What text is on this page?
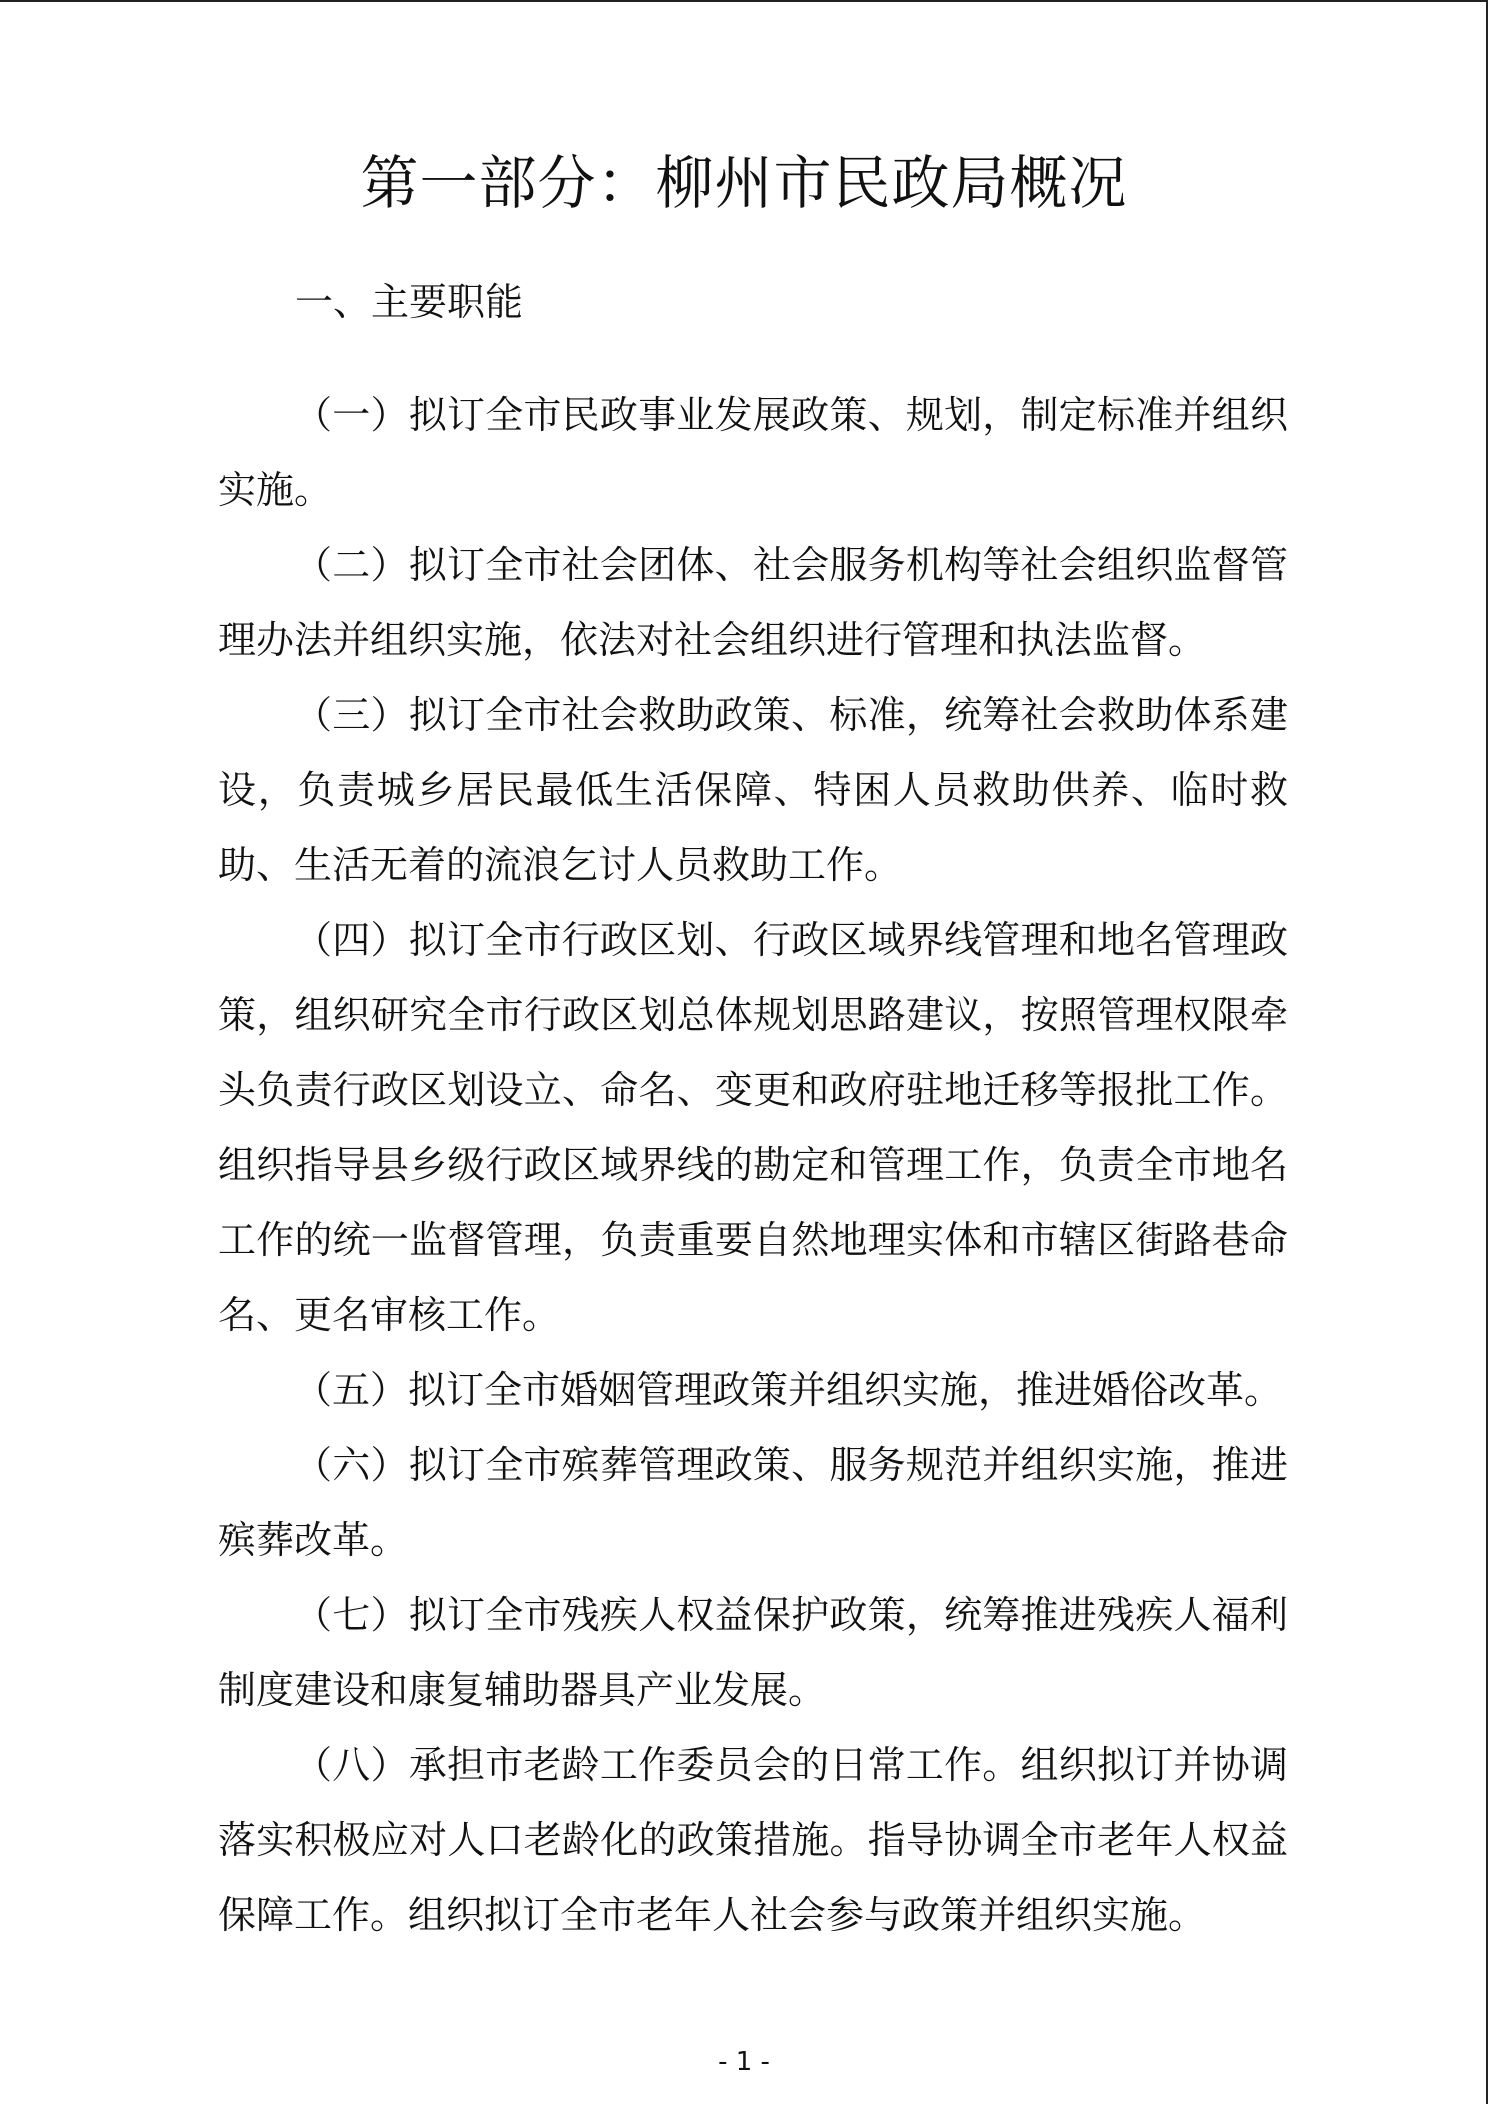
第一部分：柳州市民政局概况
一、主要职能

（一）拟订全市民政事业发展政策、规划，制定标准并组织实施。

（二）拟订全市社会团体、社会服务机构等社会组织监督管理办法并组织实施，依法对社会组织进行管理和执法监督。

（三）拟订全市社会救助政策、标准，统筹社会救助体系建设，负责城乡居民最低生活保障、特困人员救助供养、临时救助、生活无着的流浪乞讨人员救助工作。

（四）拟订全市行政区划、行政区域界线管理和地名管理政策，组织研究全市行政区划总体规划思路建议，按照管理权限牵头负责行政区划设立、命名、变更和政府驻地迁移等报批工作。组织指导县乡级行政区域界线的勘定和管理工作，负责全市地名工作的统一监督管理，负责重要自然地理实体和市辖区街路巷命名、更名审核工作。

（五）拟订全市婚姻管理政策并组织实施，推进婚俗改革。

（六）拟订全市殡葬管理政策、服务规范并组织实施，推进殡葬改革。

（七）拟订全市残疾人权益保护政策，统筹推进残疾人福利制度建设和康复辅助器具产业发展。

（八）承担市老龄工作委员会的日常工作。组织拟订并协调落实积极应对人口老龄化的政策措施。指导协调全市老年人权益保障工作。组织拟订全市老年人社会参与政策并组织实施。

- 1 -
